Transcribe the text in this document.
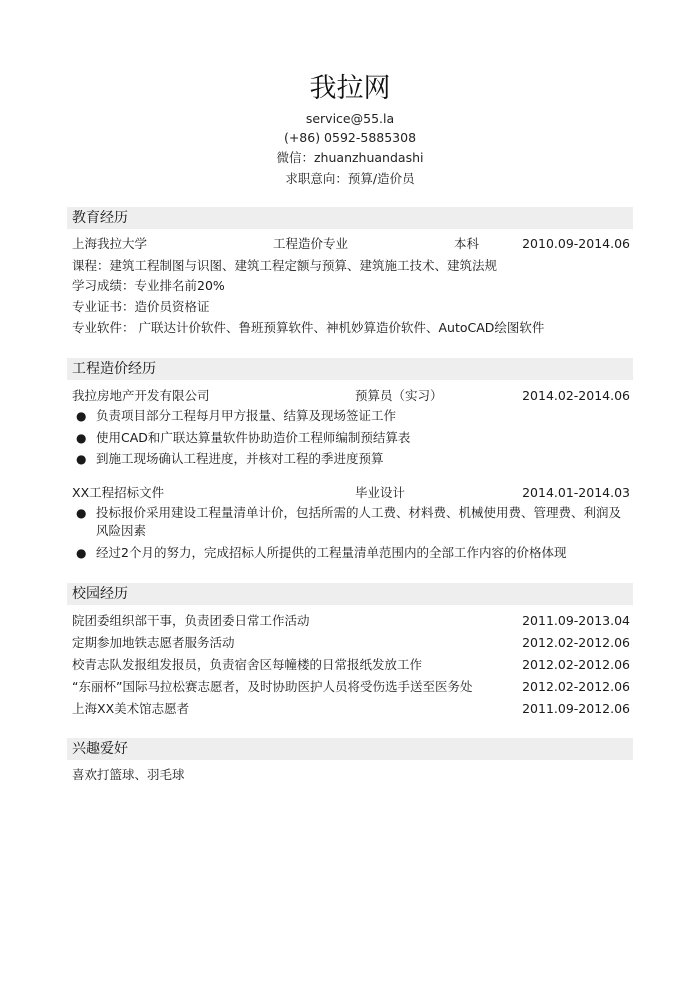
我拉网
service@55.la
(+86) 0592-5885308
微信：zhuanzhuandashi
求职意向：预算/造价员
教育经历
上海我拉大学	工程造价专业	本科	2010.09-2014.06
课程：建筑工程制图与识图、建筑工程定额与预算、建筑施工技术、建筑法规
学习成绩：专业排名前20%
专业证书：造价员资格证
专业软件： 广联达计价软件、鲁班预算软件、神机妙算造价软件、AutoCAD绘图软件
工程造价经历
我拉房地产开发有限公司	预算员（实习）	2014.02-2014.06
● 负责项目部分工程每月甲方报量、结算及现场签证工作
● 使用CAD和广联达算量软件协助造价工程师编制预结算表
● 到施工现场确认工程进度，并核对工程的季进度预算
XX工程招标文件	毕业设计	2014.01-2014.03
● 投标报价采用建设工程量清单计价，包括所需的人工费、材料费、机械使用费、管理费、利润及风险因素
● 经过2个月的努力，完成招标人所提供的工程量清单范围内的全部工作内容的价格体现
校园经历
院团委组织部干事，负责团委日常工作活动	2011.09-2013.04
定期参加地铁志愿者服务活动	2012.02-2012.06
校青志队发报组发报员，负责宿舍区每幢楼的日常报纸发放工作	2012.02-2012.06
“东丽杯”国际马拉松赛志愿者，及时协助医护人员将受伤选手送至医务处	2012.02-2012.06
上海XX美术馆志愿者	2011.09-2012.06
兴趣爱好
喜欢打篮球、羽毛球
